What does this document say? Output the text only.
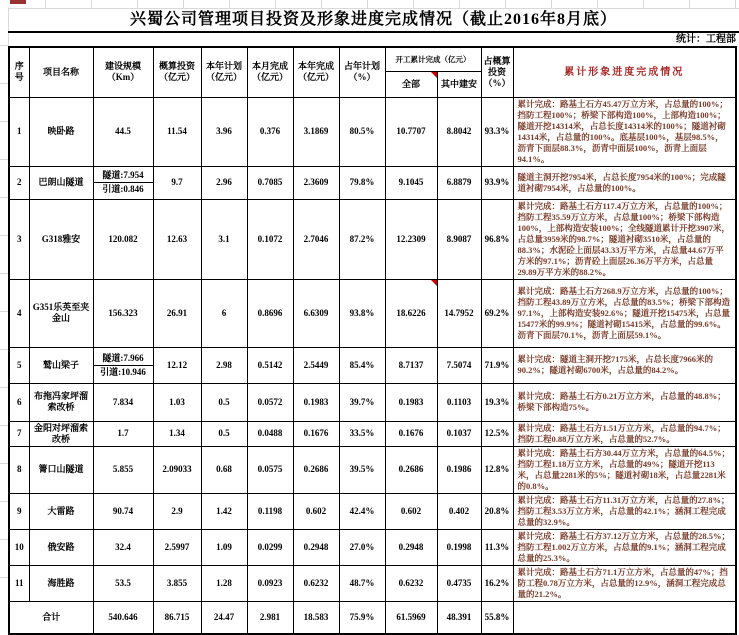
兴蜀公司管理项目投资及形象进度完成情况（截止2016年8月底）
统计：工程部
序号	项目名称	建设规模（Km）	概算投资（亿元）	本年计划（亿元）	本月完成（亿元）	本年完成（亿元）	占年计划（%）	开工累计完成（亿元）		占概算投资（%）	累计形象进度完成情况
								全部	其中建安		
1	映卧路	44.5	11.54	3.96	0.376	3.1869	80.5%	10.7707	8.8042	93.3%	累计完成：路基土石方45.47万立方米，占总量的100%；挡防工程100%；桥梁下部构造100%，上部构造100%；隧道开挖14314米，占总长度14314米的100%；隧道衬砌14314米，占总量的100%。底基层100%，基层98.5%，沥青下面层88.3%，沥青中面层100%，沥青上面层94.1%。
2	巴朗山隧道	隧道:7.954
引道:0.846	9.7	2.96	0.7085	2.3609	79.8%	9.1045	6.8879	93.9%	隧道主洞开挖7954米，占总长度7954米的100%；完成隧道衬砌7954米，占总量的100%。
3	G318雅安	120.082	12.63	3.1	0.1072	2.7046	87.2%	12.2309	8.9087	96.8%	累计完成：路基土石方117.4万立方米，占总量的100%；挡防工程35.59万立方米，占总量100%；桥梁下部构造100%，上部构造安装100%；全线隧道累计开挖3907米，占总量3959米的98.7%；隧道衬砌3510米，占总量的88.3%；水泥砼上面层43.33万平方米，占总量44.67万平方米的97.1%；沥青砼上面层26.36万平方米，占总量29.89万平方米的88.2%。
4	G351乐英至夹金山	156.323	26.91	6	0.8696	6.6309	93.8%	18.6226	14.7952	69.2%	累计完成：路基土石方268.9万立方米，占总量的100%；挡防工程43.89万立方米，占总量的83.5%；桥梁下部构造97.1%，上部构造安装92.6%；隧道开挖15475米，占总量15477米的99.9%；隧道衬砌15415米，占总量的99.6%。沥青下面层70.1%，沥青上面层59.1%。
5	鹫山梁子	隧道:7.966
引道:10.946	12.12	2.98	0.5142	2.5449	85.4%	8.7137	7.5074	71.9%	累计完成：隧道主洞开挖7175米，占总长度7966米的90.2%；隧道衬砌6700米，占总量的84.2%。
6	布拖冯家坪溜索改桥	7.834	1.03	0.5	0.0572	0.1983	39.7%	0.1983	0.1103	19.3%	累计完成：路基土石方0.21万立方米，占总量的48.8%；桥梁下部构造75%。
7	金阳对坪溜索改桥	1.7	1.34	0.5	0.0488	0.1676	33.5%	0.1676	0.1037	12.5%	累计完成：路基土石方1.51万立方米，占总量的94.7%；挡防工程0.88万立方米，占总量的52.7%。
8	箐口山隧道	5.855	2.09033	0.68	0.0575	0.2686	39.5%	0.2686	0.1986	12.8%	累计完成：路基土石方30.44万立方米，占总量的64.5%；挡防工程1.18万立方米，占总量的49%；隧道开挖113米，占总量2281米的5%；隧道衬砌18米，占总量2281米的0.8%。
9	大雷路	90.74	2.9	1.42	0.1198	0.602	42.4%	0.602	0.402	20.8%	累计完成：路基土石方11.31万立方米，占总量的27.8%；挡防工程3.53万立方米，占总量的42.1%；涵洞工程完成总量的32.9%。
10	俄安路	32.4	2.5997	1.09	0.0299	0.2948	27.0%	0.2948	0.1998	11.3%	累计完成：路基土石方37.12万立方米，占总量的28.5%；挡防工程1.002万立方米，占总量的9.1%；涵洞工程完成总量的25.3%。
11	海胜路	53.5	3.855	1.28	0.0923	0.6232	48.7%	0.6232	0.4735	16.2%	累计完成：路基土石方71.1万立方米，占总量的47%；挡防工程0.78万立方米，占总量的12.9%，涵洞工程完成总量的21.2%。
合计		540.646	86.715	24.47	2.981	18.583	75.9%	61.5969	48.391	55.8%	
